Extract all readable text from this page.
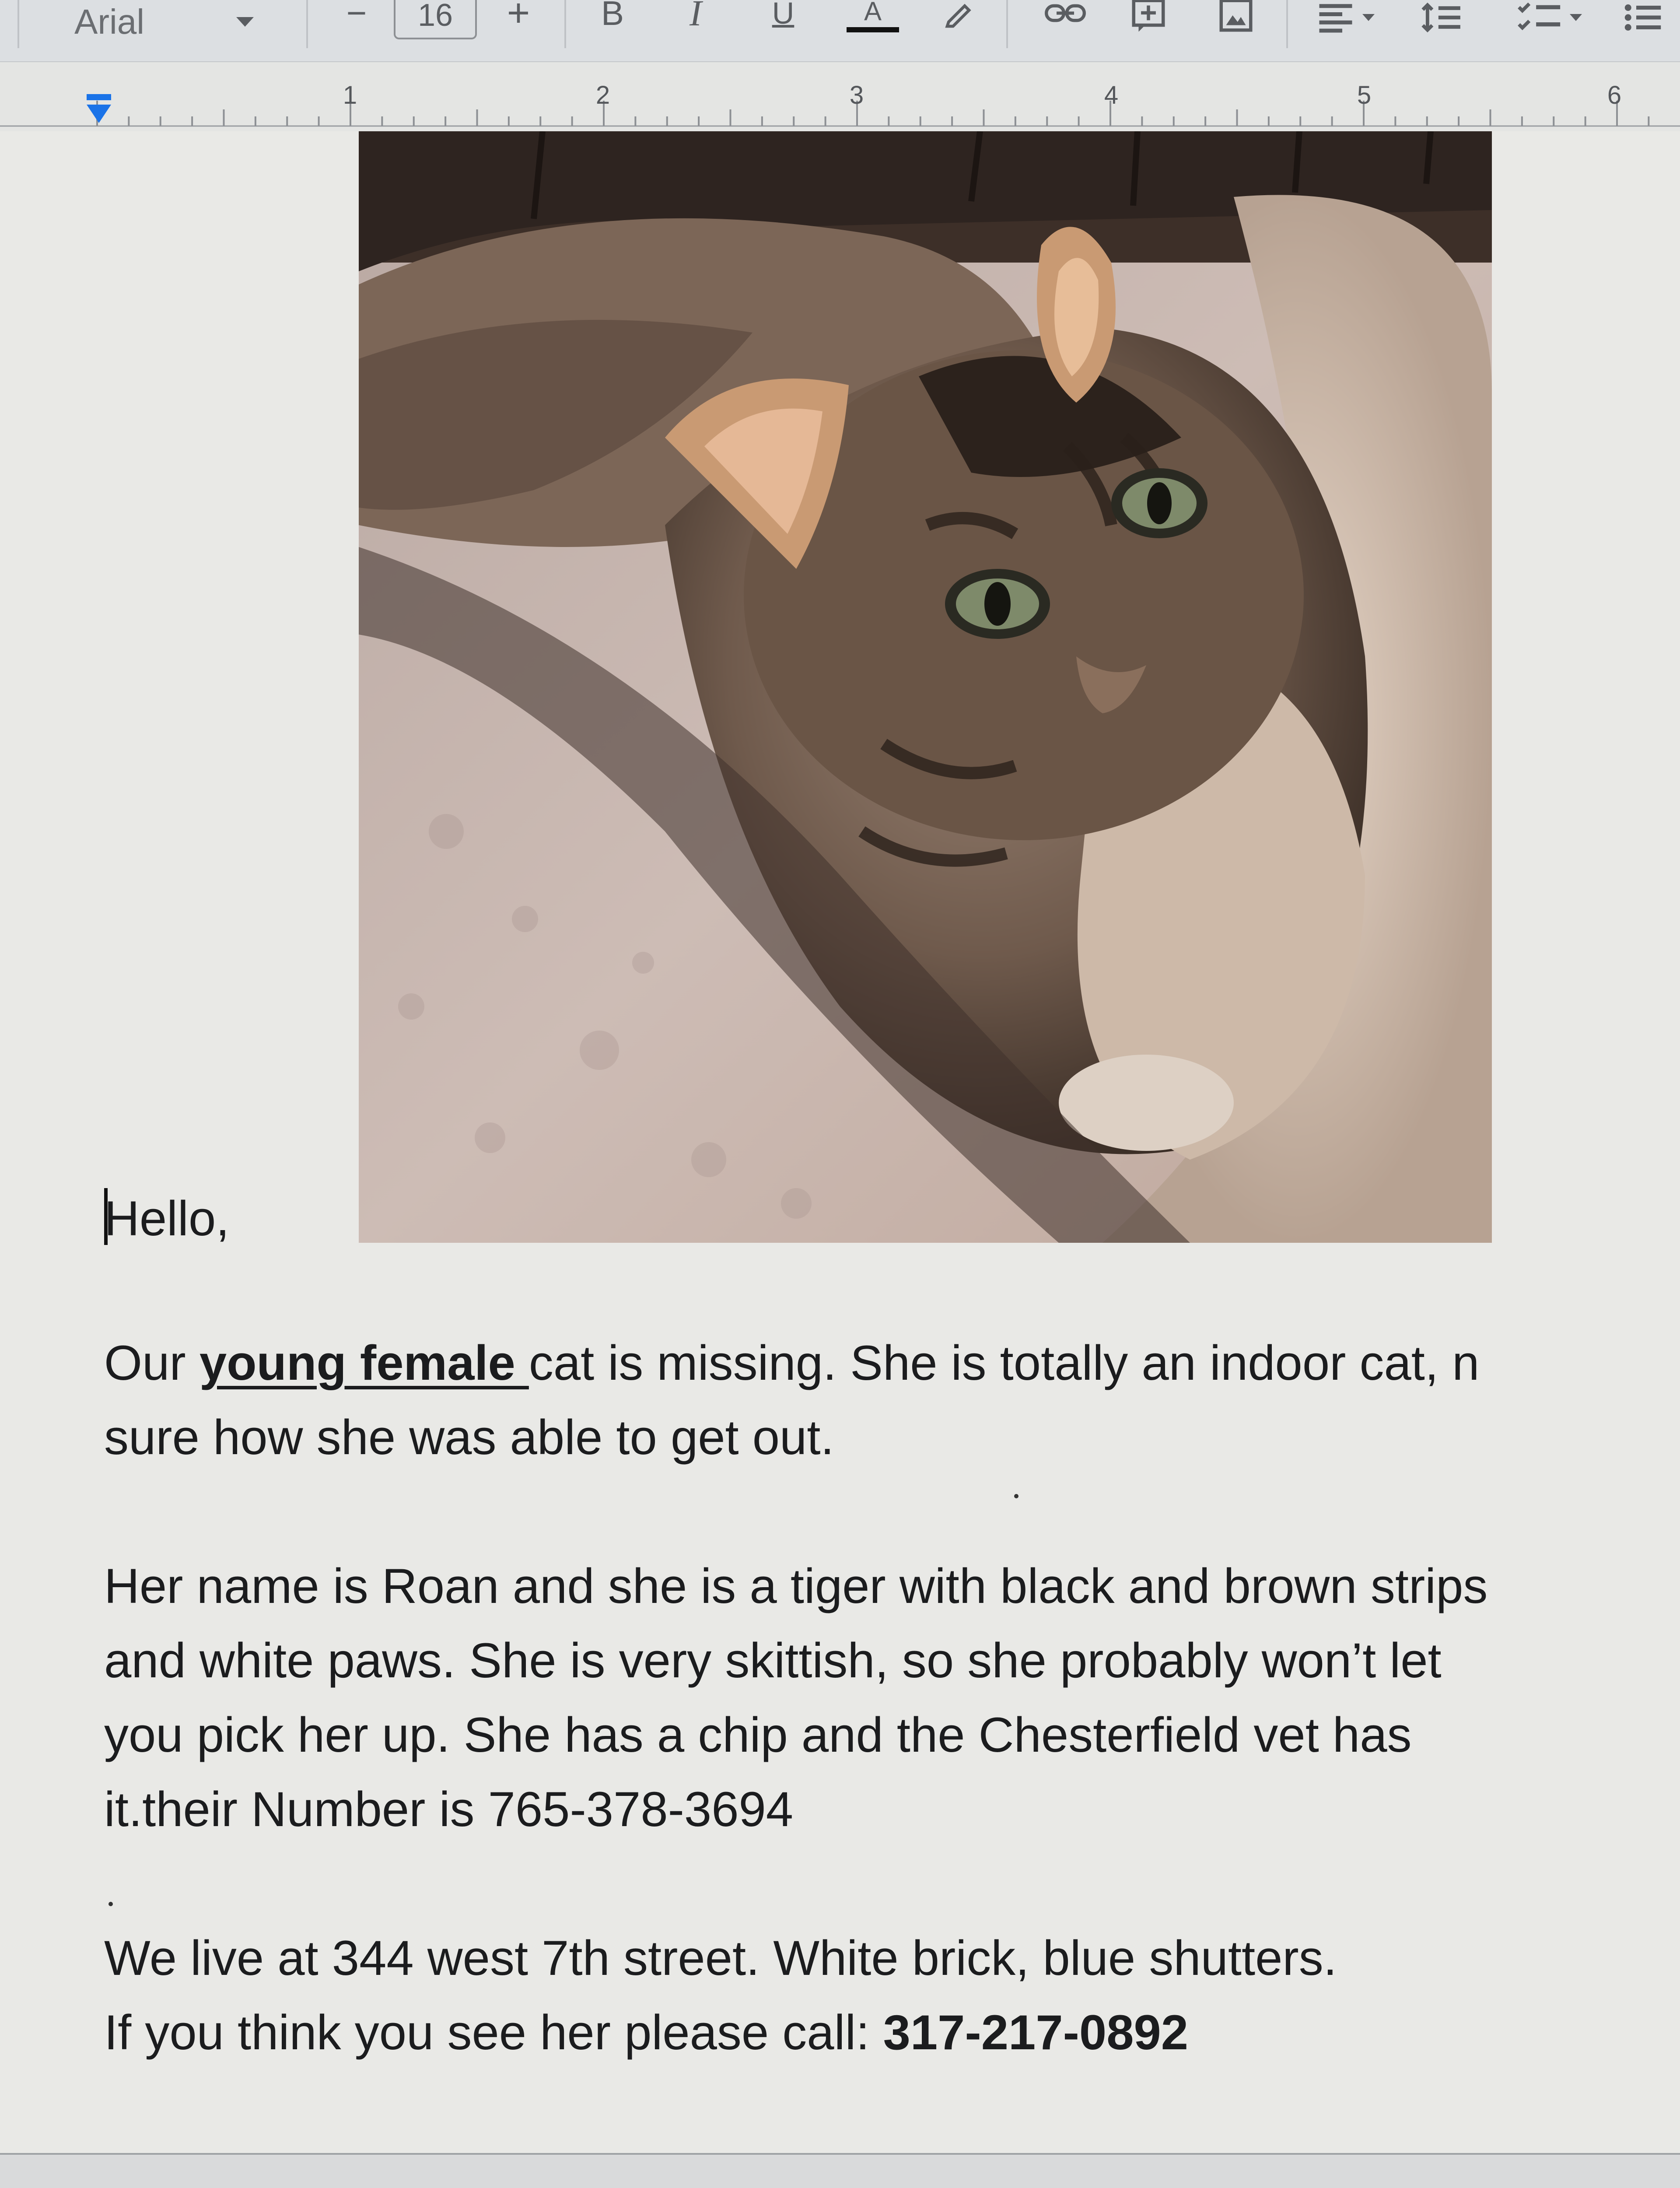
Arial	− 16 + B I U	A
1	2	3	4	5	6
Hello,
Our young female cat is missing. She is totally an indoor cat, n
sure how she was able to get out.
Her name is Roan and she is a tiger with black and brown strips
and white paws. She is very skittish, so she probably won’t let
you pick her up. She has a chip and the Chesterfield vet has
it.their Number is 765-378-3694
We live at 344 west 7th street. White brick, blue shutters.
If you think you see her please call: 317-217-0892
